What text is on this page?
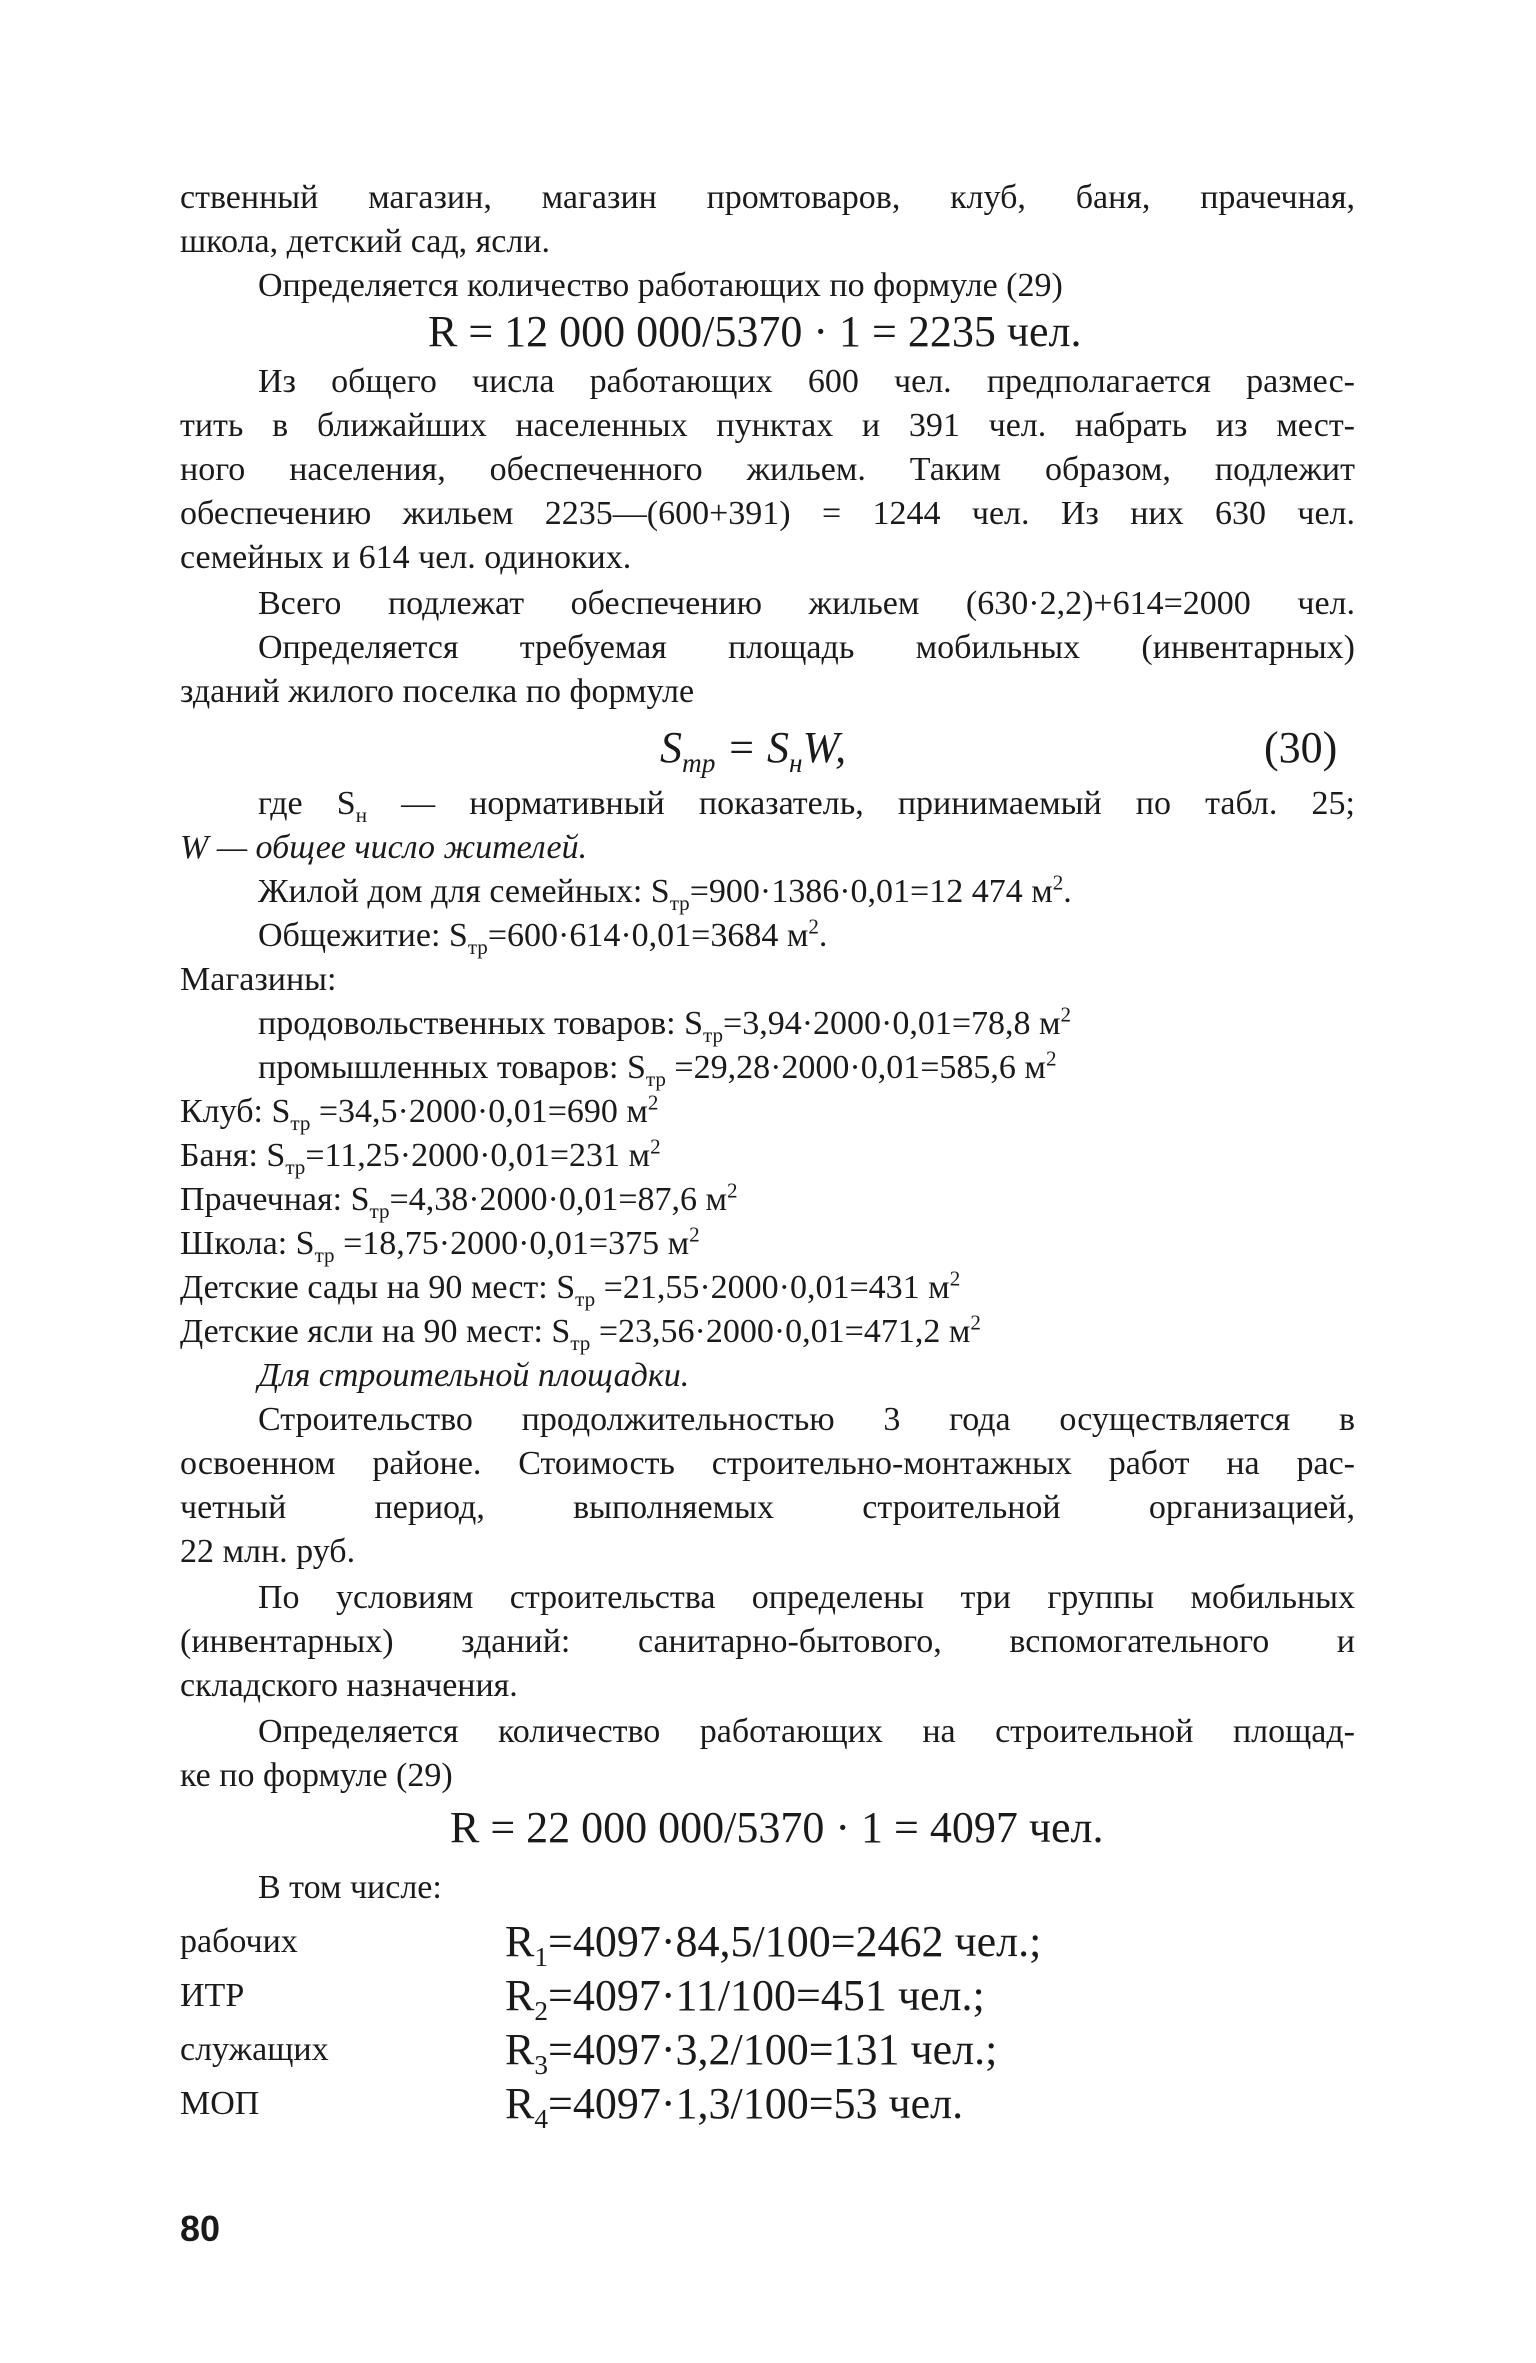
ственный магазин, магазин промтоваров, клуб, баня, прачечная,
школа, детский сад, ясли.
Определяется количество работающих по формуле (29)
R = 12 000 000/5370 · 1 = 2235 чел.
Из общего числа работающих 600 чел. предполагается размес-
тить в ближайших населенных пунктах и 391 чел. набрать из мест-
ного населения, обеспеченного жильем. Таким образом, подлежит
обеспечению жильем 2235—(600+391) = 1244 чел. Из них 630 чел.
семейных и 614 чел. одиноких.
Всего подлежат обеспечению жильем (630·2,2)+614=2000 чел.
Определяется требуемая площадь мобильных (инвентарных)
зданий жилого поселка по формуле
$S_{тр} = S_нW$,	(30)
где $S_н$ — нормативный показатель, принимаемый по табл. 25;
W — общее число жителей.
Жилой дом для семейных: $S_{тр}=900\cdot 1386\cdot 0,01=12$ 474 $м^2$.
Общежитие: $S_{тр}=600\cdot 614\cdot 0,01=3684$ $м^2$.
Магазины:
продовольственных товаров: $S_{тр}=3,94\cdot 2000\cdot 0,01=78,8$ $м^2$
промышленных товаров: $S_{тр} =29,28\cdot 2000\cdot 0,01=585,6$ $м^2$
Клуб: $S_{тр} =34,5\cdot 2000\cdot 0,01=690$ $м^2$
Баня: $S_{тр}=11,25\cdot 2000\cdot 0,01=231$ $м^2$
Прачечная: $S_{тр}=4,38\cdot 2000\cdot 0,01=87,6$ $м^2$
Школа: $S_{тр} =18,75\cdot 2000\cdot 0,01=375$ $м^2$
Детские сады на 90 мест: $S_{тр} =21,55\cdot 2000\cdot 0,01=431$ $м^2$
Детские ясли на 90 мест: $S_{тр} =23,56\cdot 2000\cdot 0,01=471,2$ $м^2$
Для строительной площадки.
Строительство продолжительностью 3 года осуществляется в
освоенном районе. Стоимость строительно-монтажных работ на рас-
четный период, выполняемых строительной организацией,
22 млн. руб.
По условиям строительства определены три группы мобильных
(инвентарных) зданий: санитарно-бытового, вспомогательного и
складского назначения.
Определяется количество работающих на строительной площад-
ке по формуле (29)
R = 22 000 000/5370 · 1 = 4097 чел.
В том числе:
рабочих	$R_1=4097\cdot 84,5/100=2462$ чел.;
ИТР	$R_2=4097\cdot 11/100=451$ чел.;
служащих	$R_3=4097\cdot 3,2/100=131$ чел.;
МОП	$R_4=4097\cdot 1,3/100=53$ чел.
80
